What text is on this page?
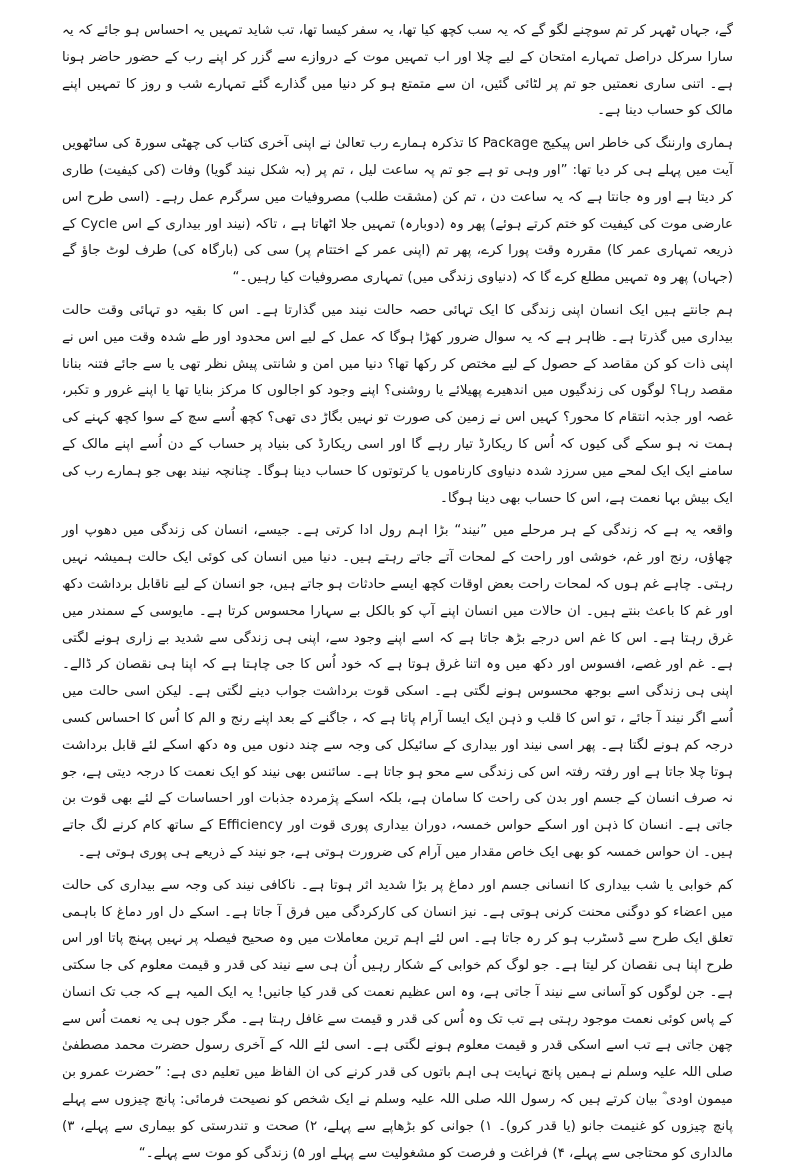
گے، جہاں ٹھہر کر تم سوچنے لگو گے کہ یہ سب کچھ کیا تھا، یہ سفر کیسا تھا، تب شاید تمہیں یہ احساس ہو جائے کہ یہ سارا سرکل دراصل تمہارے امتحان کے لیے چلا اور اب تمہیں موت کے دروازے سے گزر کر اپنے رب کے حضور حاضر ہونا ہے۔ اتنی ساری نعمتیں جو تم پر لٹائی گئیں، ان سے متمتع ہو کر دنیا میں گذارے گئے تمہارے شب و روز کا تمہیں اپنے مالک کو حساب دینا ہے۔

ہماری وارننگ کی خاطر اس پیکیج Package کا تذکرہ ہمارے رب تعالیٰ نے اپنی آخری کتاب کی چھٹی سورۃ کی ساٹھویں آیت میں پہلے ہی کر دیا تھا: ”اور وہی تو ہے جو تم پہ ساعت لیل ، تم پر (بہ شکل نیند گویا) وفات (کی کیفیت) طاری کر دیتا ہے اور وہ جانتا ہے کہ یہ ساعت دن ، تم کن (مشقت طلب) مصروفیات میں سرگرم عمل رہے۔ (اسی طرح اس عارضی موت کی کیفیت کو ختم کرتے ہوئے) پھر وہ (دوبارہ) تمہیں جلا اٹھاتا ہے ، تاکہ (نیند اور بیداری کے اس Cycle کے ذریعہ تمہاری عمر کا) مقررہ وقت پورا کرے، پھر تم (اپنی عمر کے اختتام پر) سی کی (بارگاہ کی) طرف لوٹ جاؤ گے (جہاں) پھر وہ تمہیں مطلع کرے گا کہ (دنیاوی زندگی میں) تمہاری مصروفیات کیا رہیں۔“

ہم جانتے ہیں ایک انسان اپنی زندگی کا ایک تہائی حصہ حالت نیند میں گذارتا ہے۔ اس کا بقیہ دو تہائی وقت حالت بیداری میں گذرتا ہے۔ ظاہر ہے کہ یہ سوال ضرور کھڑا ہوگا کہ عمل کے لیے اس محدود اور طے شدہ وقت میں اس نے اپنی ذات کو کن مقاصد کے حصول کے لیے مختص کر رکھا تھا؟ دنیا میں امن و شانتی پیش نظر تھی یا سے جائے فتنہ بنانا مقصد رہا؟ لوگوں کی زندگیوں میں اندھیرے پھیلائے یا روشنی؟ اپنے وجود کو اجالوں کا مرکز بنایا تھا یا اپنے غرور و تکبر، غصہ اور جذبہ انتقام کا محور؟ کہیں اس نے زمین کی صورت تو نہیں بگاڑ دی تھی؟ کچھ اُسے سچ کے سوا کچھ کہنے کی ہمت نہ ہو سکے گی کیوں کہ اُس کا ریکارڈ تیار رہے گا اور اسی ریکارڈ کی بنیاد پر حساب کے دن اُسے اپنے مالک کے سامنے ایک ایک لمحے میں سرزد شدہ دنیاوی کارناموں یا کرتوتوں کا حساب دینا ہوگا۔ چنانچہ نیند بھی جو ہمارے رب کی ایک بیش بہا نعمت ہے، اس کا حساب بھی دینا ہوگا۔

واقعہ یہ ہے کہ زندگی کے ہر مرحلے میں ”نیند“ بڑا اہم رول ادا کرتی ہے۔ جیسے، انسان کی زندگی میں دھوپ اور چھاؤں، رنج اور غم، خوشی اور راحت کے لمحات آتے جاتے رہتے ہیں۔ دنیا میں انسان کی کوئی ایک حالت ہمیشہ نہیں رہتی۔ چاہے غم ہوں کہ لمحات راحت بعض اوقات کچھ ایسے حادثات ہو جاتے ہیں، جو انسان کے لیے ناقابل برداشت دکھ اور غم کا باعث بنتے ہیں۔ ان حالات میں انسان اپنے آپ کو بالکل بے سہارا محسوس کرتا ہے۔ مایوسی کے سمندر میں غرق رہتا ہے۔ اس کا غم اس درجے بڑھ جاتا ہے کہ اسے اپنے وجود سے، اپنی ہی زندگی سے شدید بے زاری ہونے لگتی ہے۔ غم اور غصے، افسوس اور دکھ میں وہ اتنا غرق ہوتا ہے کہ خود اُس کا جی چاہتا ہے کہ اپنا ہی نقصان کر ڈالے۔ اپنی ہی زندگی اسے بوجھ محسوس ہونے لگتی ہے۔ اسکی قوت برداشت جواب دینے لگتی ہے۔ لیکن اسی حالت میں اُسے اگر نیند آ جائے ، تو اس کا قلب و ذہن ایک ایسا آرام پاتا ہے کہ ، جاگنے کے بعد اپنے رنج و الم کا اُس کا احساس کسی درجہ کم ہونے لگتا ہے۔ پھر اسی نیند اور بیداری کے سائیکل کی وجہ سے چند دنوں میں وہ دکھ اسکے لئے قابل برداشت ہوتا چلا جاتا ہے اور رفتہ رفتہ اس کی زندگی سے محو ہو جاتا ہے۔ سائنس بھی نیند کو ایک نعمت کا درجہ دیتی ہے، جو نہ صرف انسان کے جسم اور بدن کی راحت کا سامان ہے، بلکہ اسکے پژمردہ جذبات اور احساسات کے لئے بھی قوت بن جاتی ہے۔ انسان کا ذہن اور اسکے حواس خمسہ، دوران بیداری پوری قوت اور Efficiency کے ساتھ کام کرنے لگ جاتے ہیں۔ ان حواس خمسہ کو بھی ایک خاص مقدار میں آرام کی ضرورت ہوتی ہے، جو نیند کے ذریعے ہی پوری ہوتی ہے۔

کم خوابی یا شب بیداری کا انسانی جسم اور دماغ پر بڑا شدید اثر ہوتا ہے۔ ناکافی نیند کی وجہ سے بیداری کی حالت میں اعضاء کو دوگنی محنت کرنی ہوتی ہے۔ نیز انسان کی کارکردگی میں فرق آ جاتا ہے۔ اسکے دل اور دماغ کا باہمی تعلق ایک طرح سے ڈسٹرب ہو کر رہ جاتا ہے۔ اس لئے اہم ترین معاملات میں وہ صحیح فیصلہ پر نہیں پہنچ پاتا اور اس طرح اپنا ہی نقصان کر لیتا ہے۔ جو لوگ کم خوابی کے شکار رہیں اُن ہی سے نیند کی قدر و قیمت معلوم کی جا سکتی ہے۔ جن لوگوں کو آسانی سے نیند آ جاتی ہے، وہ اس عظیم نعمت کی قدر کیا جانیں! یہ ایک المیہ ہے کہ جب تک انسان کے پاس کوئی نعمت موجود رہتی ہے تب تک وہ اُس کی قدر و قیمت سے غافل رہتا ہے۔ مگر جوں ہی یہ نعمت اُس سے چھن جاتی ہے تب اسے اسکی قدر و قیمت معلوم ہونے لگتی ہے۔ اسی لئے اللہ کے آخری رسول حضرت محمد مصطفیٰ صلی اللہ علیہ وسلم نے ہمیں پانچ نہایت ہی اہم باتوں کی قدر کرنے کی ان الفاظ میں تعلیم دی ہے: ”حضرت عمرو بن میمون اودی ؓ بیان کرتے ہیں کہ رسول اللہ صلی اللہ علیہ وسلم نے ایک شخص کو نصیحت فرمائی: پانچ چیزوں سے پہلے پانچ چیزوں کو غنیمت جانو (یا قدر کرو)۔ ۱) جوانی کو بڑھاپے سے پہلے، ۲) صحت و تندرستی کو بیماری سے پہلے، ۳) مالداری کو محتاجی سے پہلے، ۴) فراغت و فرصت کو مشغولیت سے پہلے اور ۵) زندگی کو موت سے پہلے۔“
